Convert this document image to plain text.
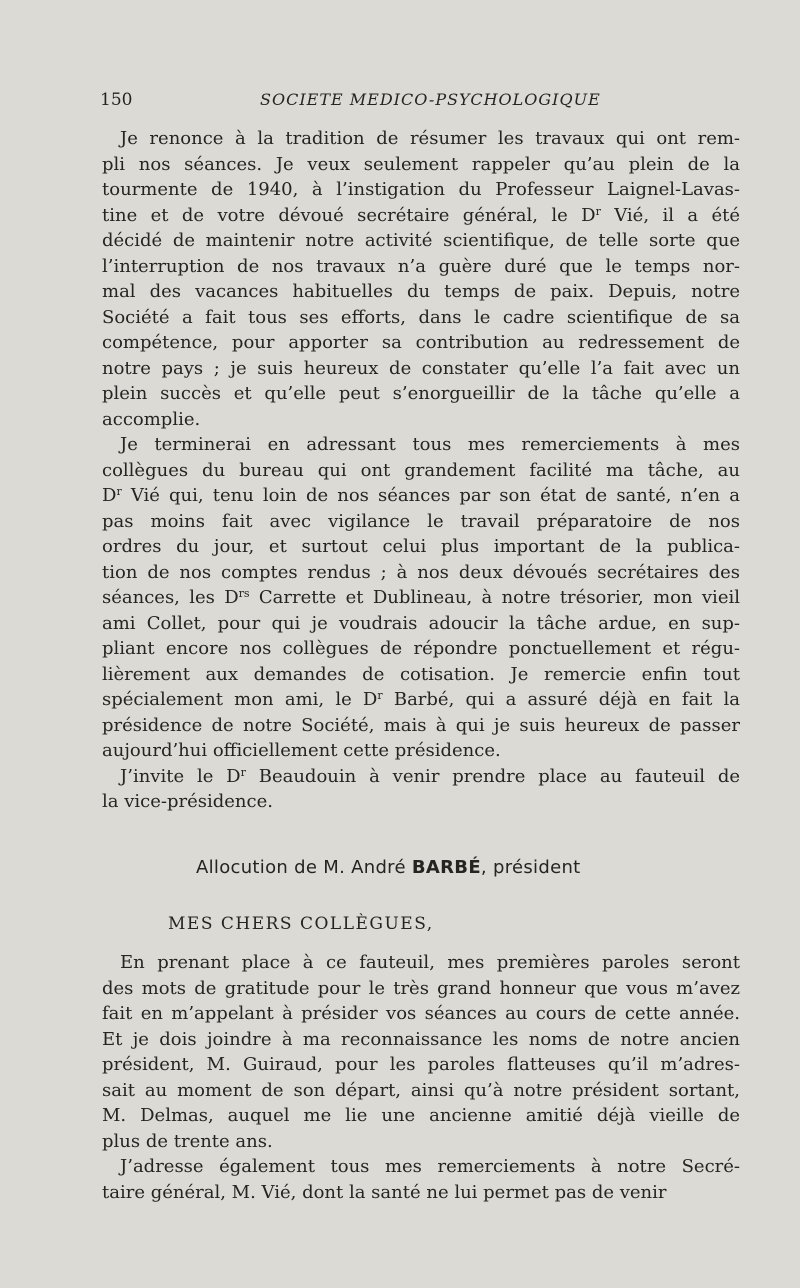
150	SOCIETE MEDICO-PSYCHOLOGIQUE
Je renonce à la tradition de résumer les travaux qui ont rem-
pli nos séances. Je veux seulement rappeler qu’au plein de la
tourmente de 1940, à l’instigation du Professeur Laignel-Lavas-
tine et de votre dévoué secrétaire général, le $D^r$ Vié, il a été
décidé de maintenir notre activité scientifique, de telle sorte que
l’interruption de nos travaux n’a guère duré que le temps nor-
mal des vacances habituelles du temps de paix. Depuis, notre
Société a fait tous ses efforts, dans le cadre scientifique de sa
compétence, pour apporter sa contribution au redressement de
notre pays ; je suis heureux de constater qu’elle l’a fait avec un
plein succès et qu’elle peut s’enorgueillir de la tâche qu’elle a
accomplie.
Je terminerai en adressant tous mes remerciements à mes
collègues du bureau qui ont grandement facilité ma tâche, au
$D^r$ Vié qui, tenu loin de nos séances par son état de santé, n’en a
pas moins fait avec vigilance le travail préparatoire de nos
ordres du jour, et surtout celui plus important de la publica-
tion de nos comptes rendus ; à nos deux dévoués secrétaires des
séances, les $D^{rs}$ Carrette et Dublineau, à notre trésorier, mon vieil
ami Collet, pour qui je voudrais adoucir la tâche ardue, en sup-
pliant encore nos collègues de répondre ponctuellement et régu-
lièrement aux demandes de cotisation. Je remercie enfin tout
spécialement mon ami, le $D^r$ Barbé, qui a assuré déjà en fait la
présidence de notre Société, mais à qui je suis heureux de passer
aujourd’hui officiellement cette présidence.
J’invite le $D^r$ Beaudouin à venir prendre place au fauteuil de
la vice-présidence.
Allocution de M. André BARBÉ, président
MES CHERS COLLÈGUES,
En prenant place à ce fauteuil, mes premières paroles seront
des mots de gratitude pour le très grand honneur que vous m’avez
fait en m’appelant à présider vos séances au cours de cette année.
Et je dois joindre à ma reconnaissance les noms de notre ancien
président, M. Guiraud, pour les paroles flatteuses qu’il m’adres-
sait au moment de son départ, ainsi qu’à notre président sortant,
M. Delmas, auquel me lie une ancienne amitié déjà vieille de
plus de trente ans.
J’adresse également tous mes remerciements à notre Secré-
taire général, M. Vié, dont la santé ne lui permet pas de venir
